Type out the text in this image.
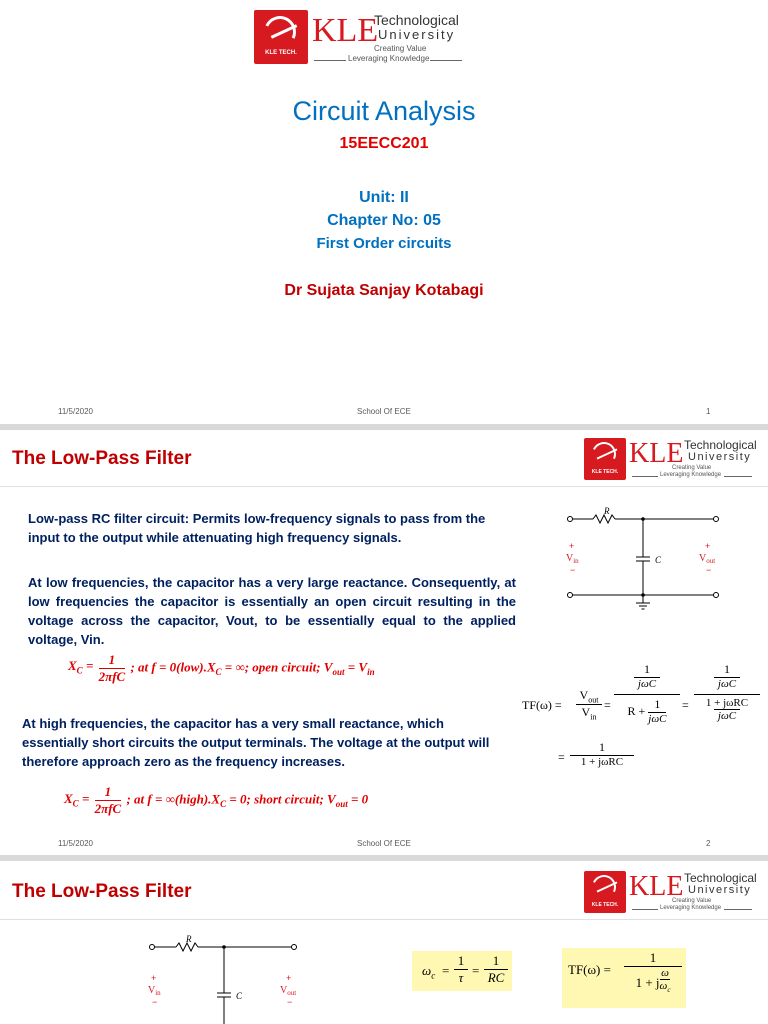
KLE TECH.
KLE
Technological
University
Creating Value
Leveraging Knowledge
Circuit Analysis
15EECC201
Unit: II
Chapter No: 05
First Order circuits
Dr Sujata Sanjay Kotabagi
11/5/2020	School Of ECE	1
The Low-Pass Filter
KLE TECH.
KLE Technological
University
Creating Value
Leveraging Knowledge
Low-pass RC filter circuit: Permits low-frequency signals to pass from the input to the output while attenuating high frequency signals.
At low frequencies, the capacitor has a very large reactance. Consequently, at low frequencies the capacitor is essentially an open circuit resulting in the voltage across the capacitor, Vout, to be essentially equal to the applied voltage, Vin.
$X_C$ =	1
2πfC
; at $f = 0(low).X_C$ = ∞; open circuit; $V_{out} = V_{in}$
At high frequencies, the capacitor has a very small reactance, which essentially short circuits the output terminals. The voltage at the output will therefore approach zero as the frequency increases.
$X_C$ =	1
2πfC
; at $f = \infty(high).X_C = 0$; short circuit; $V_{out} = 0$
R
C
+
$V_{in}$
−
+
$V_{out}$
−
TF(ω) =
$V_{out}$
$V_{in}$
=
1
jωC
R + 1
jωC
=
1
jωC
1 + jωRC
jωC
=
1
1 + jωRC
11/5/2020	School Of ECE	2
The Low-Pass Filter
KLE TECH.
KLE Technological
University
Creating Value
Leveraging Knowledge
R
C
+
$V_{in}$
−
+
$V_{out}$
−
$\omega_c$ =
1
τ =
1
RC
TF(ω) =
1
1 + j $\frac{\omega}{\omega_c}$
